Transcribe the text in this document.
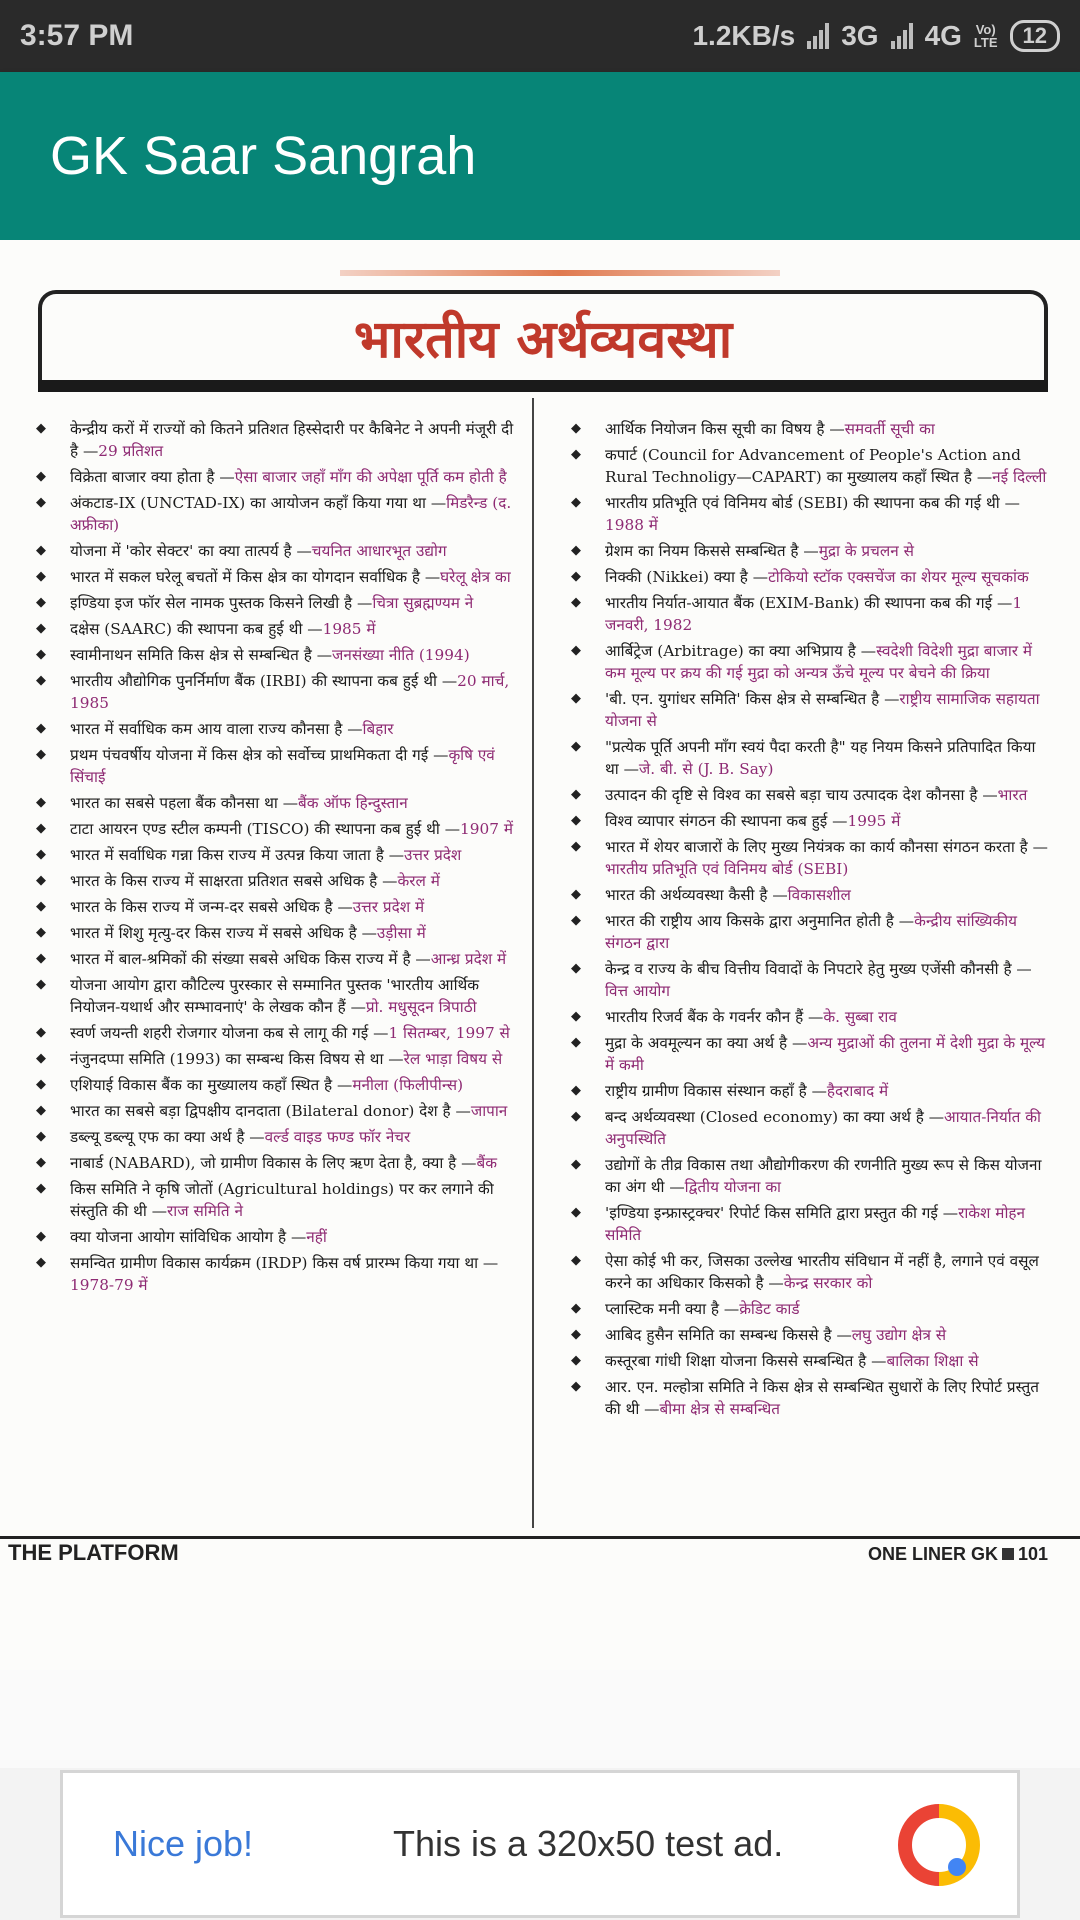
3:57 PM	1.2KB/s 3G 4G Vo)
LTE	12
GK Saar Sangrah
भारतीय अर्थव्यवस्था
◆ केन्द्रीय करों में राज्यों को कितने प्रतिशत हिस्सेदारी पर कैबिनेट ने अपनी मंजूरी दी है —29 प्रतिशत
◆ विक्रेता बाजार क्या होता है —ऐसा बाजार जहाँ माँग की अपेक्षा पूर्ति कम होती है
◆ अंकटाड-IX (UNCTAD-IX) का आयोजन कहाँ किया गया था —मिडरैन्ड (द. अफ्रीका)
◆ योजना में 'कोर सेक्टर' का क्या तात्पर्य है —चयनित आधारभूत उद्योग
◆ भारत में सकल घरेलू बचतों में किस क्षेत्र का योगदान सर्वाधिक है —घरेलू क्षेत्र का
◆ इण्डिया इज फॉर सेल नामक पुस्तक किसने लिखी है —चित्रा सुब्रह्मण्यम ने
◆ दक्षेस (SAARC) की स्थापना कब हुई थी —1985 में
◆ स्वामीनाथन समिति किस क्षेत्र से सम्बन्धित है —जनसंख्या नीति (1994)
◆ भारतीय औद्योगिक पुनर्निर्माण बैंक (IRBI) की स्थापना कब हुई थी —20 मार्च, 1985
◆ भारत में सर्वाधिक कम आय वाला राज्य कौनसा है —बिहार
◆ प्रथम पंचवर्षीय योजना में किस क्षेत्र को सर्वोच्च प्राथमिकता दी गई —कृषि एवं सिंचाई
◆ भारत का सबसे पहला बैंक कौनसा था —बैंक ऑफ हिन्दुस्तान
◆ टाटा आयरन एण्ड स्टील कम्पनी (TISCO) की स्थापना कब हुई थी —1907 में
◆ भारत में सर्वाधिक गन्ना किस राज्य में उत्पन्न किया जाता है —उत्तर प्रदेश
◆ भारत के किस राज्य में साक्षरता प्रतिशत सबसे अधिक है —केरल में
◆ भारत के किस राज्य में जन्म-दर सबसे अधिक है —उत्तर प्रदेश में
◆ भारत में शिशु मृत्यु-दर किस राज्य में सबसे अधिक है —उड़ीसा में
◆ भारत में बाल-श्रमिकों की संख्या सबसे अधिक किस राज्य में है —आन्ध्र प्रदेश में
◆ योजना आयोग द्वारा कौटिल्य पुरस्कार से सम्मानित पुस्तक 'भारतीय आर्थिक नियोजन-यथार्थ और सम्भावनाएं' के लेखक कौन हैं —प्रो. मधुसूदन त्रिपाठी
◆ स्वर्ण जयन्ती शहरी रोजगार योजना कब से लागू की गई —1 सितम्बर, 1997 से
◆ नंजुनदप्पा समिति (1993) का सम्बन्ध किस विषय से था —रेल भाड़ा विषय से
◆ एशियाई विकास बैंक का मुख्यालय कहाँ स्थित है —मनीला (फिलीपीन्स)
◆ भारत का सबसे बड़ा द्विपक्षीय दानदाता (Bilateral donor) देश है —जापान
◆ डब्ल्यू डब्ल्यू एफ का क्या अर्थ है —वर्ल्ड वाइड फण्ड फॉर नेचर
◆ नाबार्ड (NABARD), जो ग्रामीण विकास के लिए ऋण देता है, क्या है —बैंक
◆ किस समिति ने कृषि जोतों (Agricultural holdings) पर कर लगाने की संस्तुति की थी —राज समिति ने
◆ क्या योजना आयोग सांविधिक आयोग है —नहीं
◆ समन्वित ग्रामीण विकास कार्यक्रम (IRDP) किस वर्ष प्रारम्भ किया गया था —1978-79 में
◆ आर्थिक नियोजन किस सूची का विषय है —समवर्ती सूची का
◆ कपार्ट (Council for Advancement of People's Action and Rural Technoligy—CAPART) का मुख्यालय कहाँ स्थित है —नई दिल्ली
◆ भारतीय प्रतिभूति एवं विनिमय बोर्ड (SEBI) की स्थापना कब की गई थी —1988 में
◆ ग्रेशम का नियम किससे सम्बन्धित है —मुद्रा के प्रचलन से
◆ निक्की (Nikkei) क्या है —टोकियो स्टॉक एक्सचेंज का शेयर मूल्य सूचकांक
◆ भारतीय निर्यात-आयात बैंक (EXIM-Bank) की स्थापना कब की गई —1 जनवरी, 1982
◆ आर्बिट्रेज (Arbitrage) का क्या अभिप्राय है —स्वदेशी विदेशी मुद्रा बाजार में कम मूल्य पर क्रय की गई मुद्रा को अन्यत्र ऊँचे मूल्य पर बेचने की क्रिया
◆ 'बी. एन. युगांधर समिति' किस क्षेत्र से सम्बन्धित है —राष्ट्रीय सामाजिक सहायता योजना से
◆ "प्रत्येक पूर्ति अपनी माँग स्वयं पैदा करती है" यह नियम किसने प्रतिपादित किया था —जे. बी. से (J. B. Say)
◆ उत्पादन की दृष्टि से विश्व का सबसे बड़ा चाय उत्पादक देश कौनसा है —भारत
◆ विश्व व्यापार संगठन की स्थापना कब हुई —1995 में
◆ भारत में शेयर बाजारों के लिए मुख्य नियंत्रक का कार्य कौनसा संगठन करता है —भारतीय प्रतिभूति एवं विनिमय बोर्ड (SEBI)
◆ भारत की अर्थव्यवस्था कैसी है —विकासशील
◆ भारत की राष्ट्रीय आय किसके द्वारा अनुमानित होती है —केन्द्रीय सांख्यिकीय संगठन द्वारा
◆ केन्द्र व राज्य के बीच वित्तीय विवादों के निपटारे हेतु मुख्य एजेंसी कौनसी है —वित्त आयोग
◆ भारतीय रिजर्व बैंक के गवर्नर कौन हैं —के. सुब्बा राव
◆ मुद्रा के अवमूल्यन का क्या अर्थ है —अन्य मुद्राओं की तुलना में देशी मुद्रा के मूल्य में कमी
◆ राष्ट्रीय ग्रामीण विकास संस्थान कहाँ है —हैदराबाद में
◆ बन्द अर्थव्यवस्था (Closed economy) का क्या अर्थ है —आयात-निर्यात की अनुपस्थिति
◆ उद्योगों के तीव्र विकास तथा औद्योगीकरण की रणनीति मुख्य रूप से किस योजना का अंग थी —द्वितीय योजना का
◆ 'इण्डिया इन्फ्रास्ट्रक्चर' रिपोर्ट किस समिति द्वारा प्रस्तुत की गई —राकेश मोहन समिति
◆ ऐसा कोई भी कर, जिसका उल्लेख भारतीय संविधान में नहीं है, लगाने एवं वसूल करने का अधिकार किसको है —केन्द्र सरकार को
◆ प्लास्टिक मनी क्या है —क्रेडिट कार्ड
◆ आबिद हुसैन समिति का सम्बन्ध किससे है —लघु उद्योग क्षेत्र से
◆ कस्तूरबा गांधी शिक्षा योजना किससे सम्बन्धित है —बालिका शिक्षा से
◆ आर. एन. मल्होत्रा समिति ने किस क्षेत्र से सम्बन्धित सुधारों के लिए रिपोर्ट प्रस्तुत की थी —बीमा क्षेत्र से सम्बन्धित
THE PLATFORM	ONE LINER GK 101
Nice job!	This is a 320x50 test ad.
